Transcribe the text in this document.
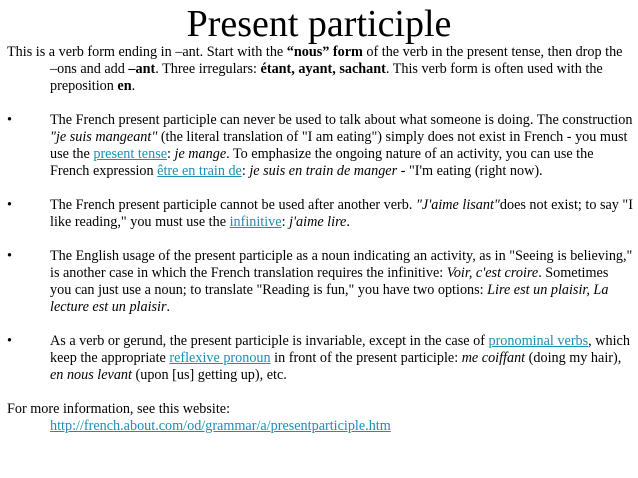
Present participle

This is a verb form ending in –ant. Start with the “nous” form of the verb in the present tense, then drop the –ons and add –ant. Three irregulars: étant, ayant, sachant. This verb form is often used with the preposition en.

•	The French present participle can never be used to talk about what someone is doing. The construction "je suis mangeant" (the literal translation of "I am eating") simply does not exist in French - you must use the present tense: je mange. To emphasize the ongoing nature of an activity, you can use the French expression être en train de: je suis en train de manger - "I'm eating (right now).
•	The French present participle cannot be used after another verb. "J'aime lisant"does not exist; to say "I like reading," you must use the infinitive: j'aime lire.
•	The English usage of the present participle as a noun indicating an activity, as in "Seeing is believing," is another case in which the French translation requires the infinitive: Voir, c'est croire. Sometimes you can just use a noun; to translate "Reading is fun," you have two options: Lire est un plaisir, La lecture est un plaisir.
•	As a verb or gerund, the present participle is invariable, except in the case of pronominal verbs, which keep the appropriate reflexive pronoun in front of the present participle: me coiffant (doing my hair), en nous levant (upon [us] getting up), etc.

For more information, see this website:
http://french.about.com/od/grammar/a/presentparticiple.htm
